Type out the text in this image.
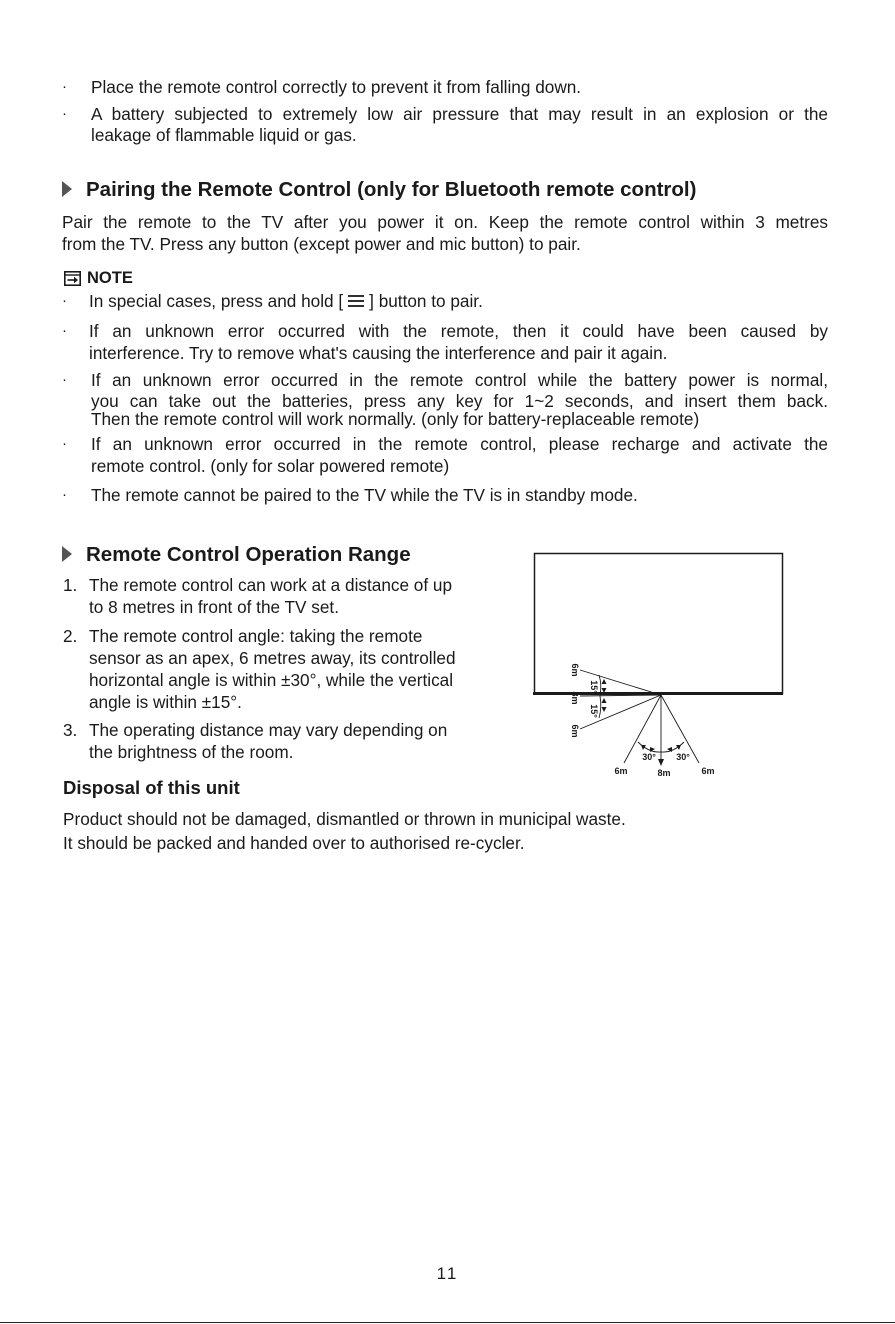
·	Place the remote control correctly to prevent it from falling down.
·	A battery subjected to extremely low air pressure that may result in an explosion or the
leakage of flammable liquid or gas.
Pairing the Remote Control (only for Bluetooth remote control)
Pair the remote to the TV after you power it on. Keep the remote control within 3 metres
from the TV. Press any button (except power and mic button) to pair.
NOTE
·	In special cases, press and hold [ ] button to pair.
·	If an unknown error occurred with the remote, then it could have been caused by
interference. Try to remove what's causing the interference and pair it again.
·	If an unknown error occurred in the remote control while the battery power is normal,
you can take out the batteries, press any key for 1~2 seconds, and insert them back.
Then the remote control will work normally. (only for battery-replaceable remote)
·	If an unknown error occurred in the remote control, please recharge and activate the
remote control. (only for solar powered remote)
·	The remote cannot be paired to the TV while the TV is in standby mode.
Remote Control Operation Range
1. The remote control can work at a distance of up
to 8 metres in front of the TV set.
2. The remote control angle: taking the remote
sensor as an apex, 6 metres away, its controlled
horizontal angle is within ±30°, while the vertical
angle is within ±15°.
3. The operating distance may vary depending on
the brightness of the room.
6m
8m
6m
15°
15°
30° 30°
6m	8m	6m
Disposal of this unit
Product should not be damaged, dismantled or thrown in municipal waste.
It should be packed and handed over to authorised re-cycler.
11
